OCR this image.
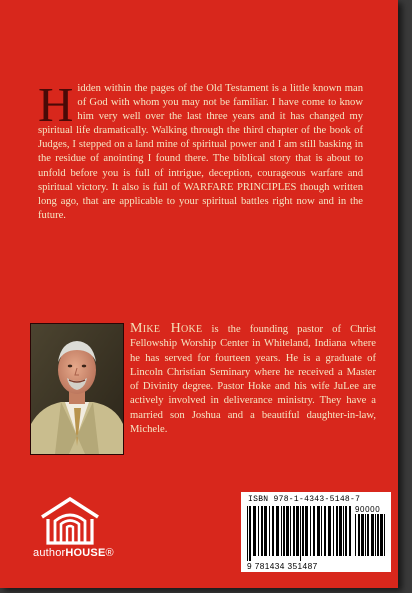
Hidden within the pages of the Old Testament is a little known man of God with whom you may not be familiar. I have come to know him very well over the last three years and it has changed my spiritual life dramatically. Walking through the third chapter of the book of Judges, I stepped on a land mine of spiritual power and I am still basking in the residue of anointing I found there. The biblical story that is about to unfold before you is full of intrigue, deception, courageous warfare and spiritual victory. It also is full of WARFARE PRINCIPLES though written long ago, that are applicable to your spiritual battles right now and in the future.
Mike Hoke is the founding pastor of Christ Fellowship Worship Center in Whiteland, Indiana where he has served for fourteen years. He is a graduate of Lincoln Christian Seminary where he received a Master of Divinity degree. Pastor Hoke and his wife JuLee are actively involved in deliverance ministry. They have a married son Joshua and a beautiful daughter-in-law, Michele.
authorHOUSE®
ISBN 978-1-4343-5148-7
90000
9 781434 351487
